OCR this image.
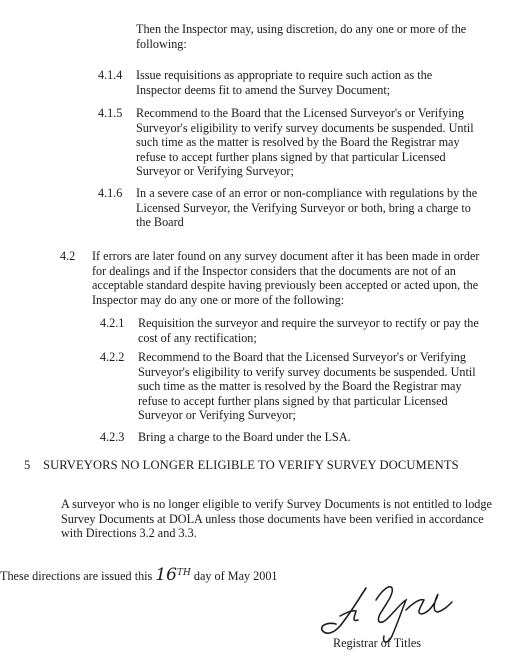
Then the Inspector may, using discretion, do any one or more of the following:
4.1.4 Issue requisitions as appropriate to require such action as the Inspector deems fit to amend the Survey Document;
4.1.5 Recommend to the Board that the Licensed Surveyor's or Verifying Surveyor's eligibility to verify survey documents be suspended. Until such time as the matter is resolved by the Board the Registrar may refuse to accept further plans signed by that particular Licensed Surveyor or Verifying Surveyor;
4.1.6 In a severe case of an error or non-compliance with regulations by the Licensed Surveyor, the Verifying Surveyor or both, bring a charge to the Board
4.2 If errors are later found on any survey document after it has been made in order for dealings and if the Inspector considers that the documents are not of an acceptable standard despite having previously been accepted or acted upon, the Inspector may do any one or more of the following:
4.2.1 Requisition the surveyor and require the surveyor to rectify or pay the cost of any rectification;
4.2.2 Recommend to the Board that the Licensed Surveyor's or Verifying Surveyor's eligibility to verify survey documents be suspended. Until such time as the matter is resolved by the Board the Registrar may refuse to accept further plans signed by that particular Licensed Surveyor or Verifying Surveyor;
4.2.3 Bring a charge to the Board under the LSA.
5 SURVEYORS NO LONGER ELIGIBLE TO VERIFY SURVEY DOCUMENTS
A surveyor who is no longer eligible to verify Survey Documents is not entitled to lodge Survey Documents at DOLA unless those documents have been verified in accordance with Directions 3.2 and 3.3.
These directions are issued this 16TH day of May 2001
Registrar of Titles
